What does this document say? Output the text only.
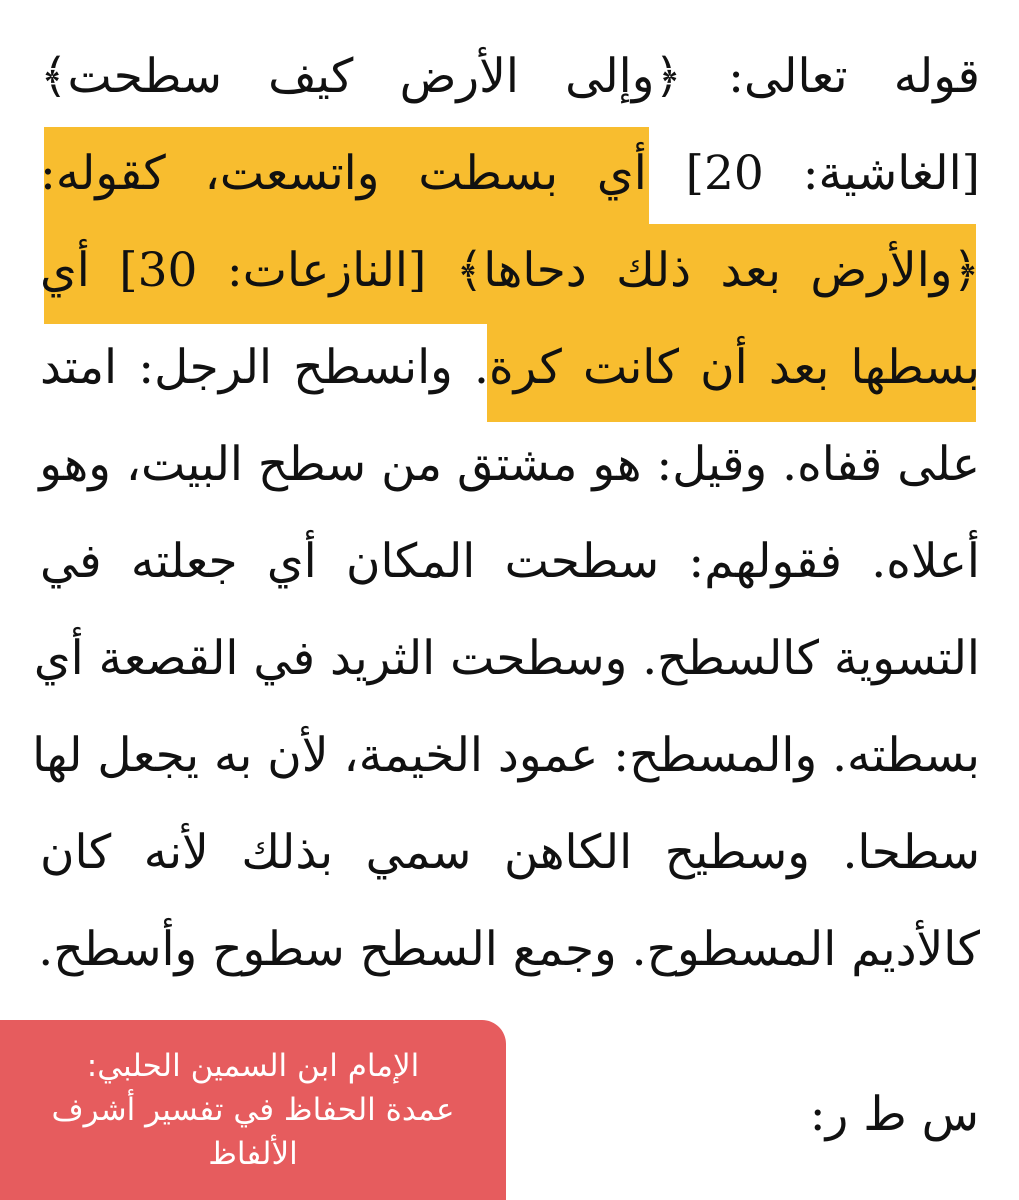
قوله تعالى: ﴿وإلى الأرض كيف سطحت﴾
[الغاشية: 20] أي بسطت واتسعت، كقوله:
﴿والأرض بعد ذلك دحاها﴾ [النازعات: 30] أي
بسطها بعد أن كانت كرة. وانسطح الرجل: امتد
على قفاه. وقيل: هو مشتق من سطح البيت، وهو
أعلاه. فقولهم: سطحت المكان أي جعلته في
التسوية كالسطح. وسطحت الثريد في القصعة أي
بسطته. والمسطح: عمود الخيمة، لأن به يجعل لها
سطحا. وسطيح الكاهن سمي بذلك لأنه كان
كالأديم المسطوح. وجمع السطح سطوح وأسطح.
س ط ر:
الإمام ابن السمين الحلبي:
عمدة الحفاظ في تفسير أشرف الألفاظ
